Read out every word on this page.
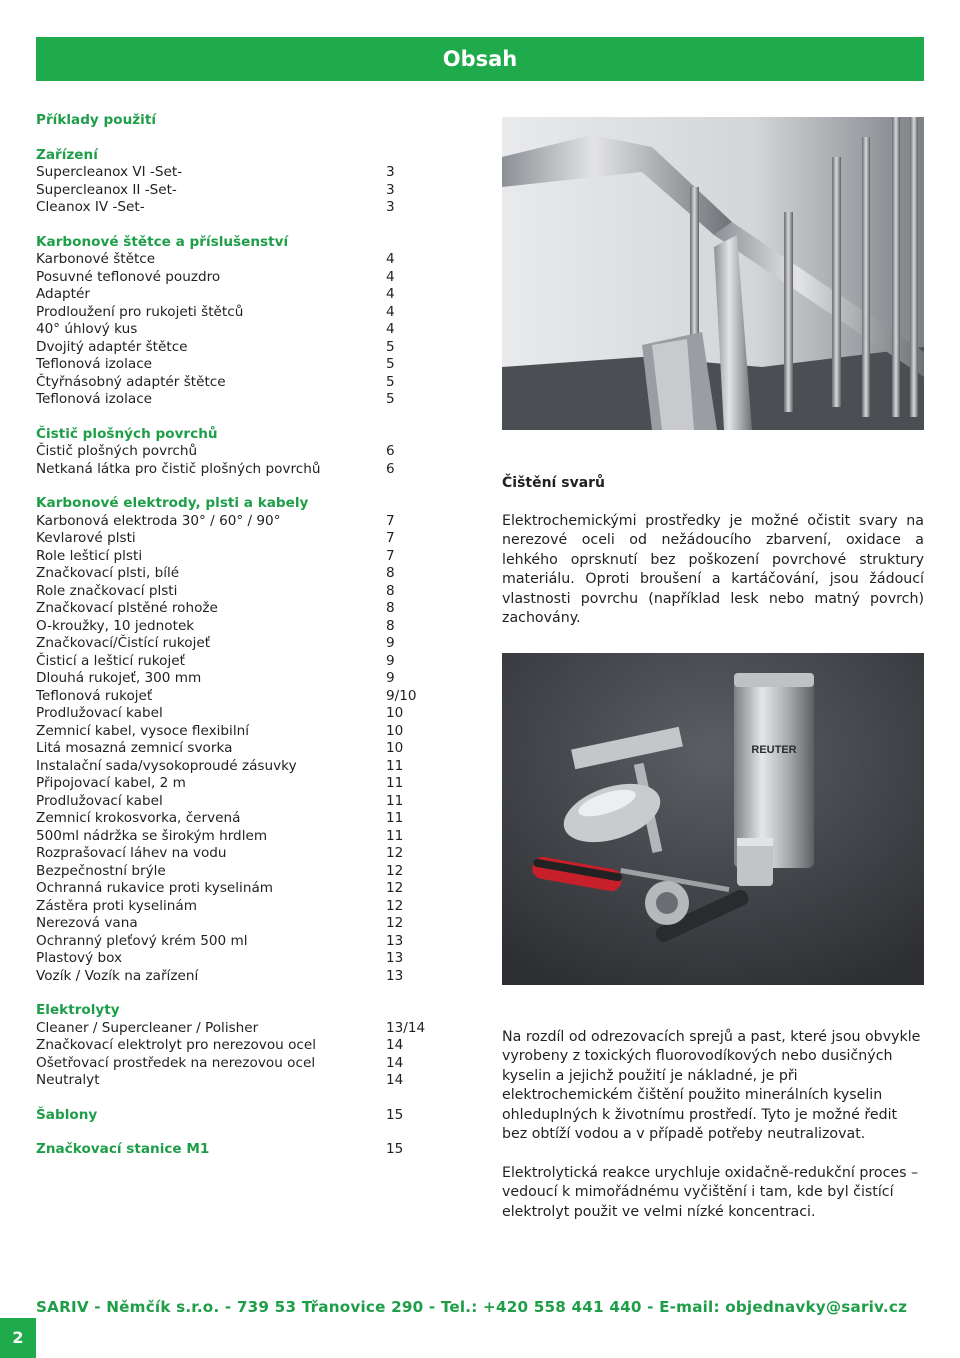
Obsah
Příklady použití
Zařízení
Supercleanox VI -Set-	3
Supercleanox II -Set-	3
Cleanox IV -Set-	3
Karbonové štětce a příslušenství
Karbonové štětce	4
Posuvné teflonové pouzdro	4
Adaptér	4
Prodloužení pro rukojeti štětců	4
40° úhlový kus	4
Dvojitý adaptér štětce	5
Teflonová izolace	5
Čtyřnásobný adaptér štětce	5
Teflonová izolace	5
Čistič plošných povrchů
Čistič plošných povrchů	6
Netkaná látka pro čistič plošných povrchů	6
Karbonové elektrody, plsti a kabely
Karbonová elektroda 30° / 60° / 90°	7
Kevlarové plsti	7
Role lešticí plsti	7
Značkovací plsti, bílé	8
Role značkovací plsti	8
Značkovací plstěné rohože	8
O-kroužky, 10 jednotek	8
Značkovací/Čistící rukojeť	9
Čisticí a lešticí rukojeť	9
Dlouhá rukojeť, 300 mm	9
Teflonová rukojeť	9/10
Prodlužovací kabel	10
Zemnicí kabel, vysoce flexibilní	10
Litá mosazná zemnicí svorka	10
Instalační sada/vysokoproudé zásuvky	11
Připojovací kabel, 2 m	11
Prodlužovací kabel	11
Zemnicí krokosvorka, červená	11
500ml nádržka se širokým hrdlem	11
Rozprašovací láhev na vodu	12
Bezpečnostní brýle	12
Ochranná rukavice proti kyselinám	12
Zástěra proti kyselinám	12
Nerezová vana	12
Ochranný pleťový krém 500 ml	13
Plastový box	13
Vozík / Vozík na zařízení	13
Elektrolyty
Cleaner / Supercleaner / Polisher	13/14
Značkovací elektrolyt pro nerezovou ocel	14
Ošetřovací prostředek na nerezovou ocel	14
Neutralyt	14
Šablony	15
Značkovací stanice M1	15
Čištění svarů
Elektrochemickými prostředky je možné očistit svary na nerezové oceli od nežádoucího zbarvení, oxidace a lehkého oprsknutí bez poškození povrchové struktury materiálu. Oproti broušení a kartáčování, jsou žádoucí vlastnosti povrchu (například lesk nebo matný povrch) zachovány.
REUTER
Na rozdíl od odrezovacích sprejů a past, které jsou obvykle vyrobeny z toxických fluorovodíkových nebo dusičných kyselin a jejichž použití je nákladné, je při elektrochemickém čištění použito minerálních kyselin ohleduplných k životnímu prostředí. Tyto je možné ředit bez obtíží vodou a v případě potřeby neutralizovat.
Elektrolytická reakce urychluje oxidačně-redukční proces – vedoucí k mimořádnému vyčištění i tam, kde byl čistící elektrolyt použit ve velmi nízké koncentraci.
SARIV - Němčík s.r.o. - 739 53 Třanovice 290 - Tel.: +420 558 441 440 - E-mail: objednavky@sariv.cz
2
